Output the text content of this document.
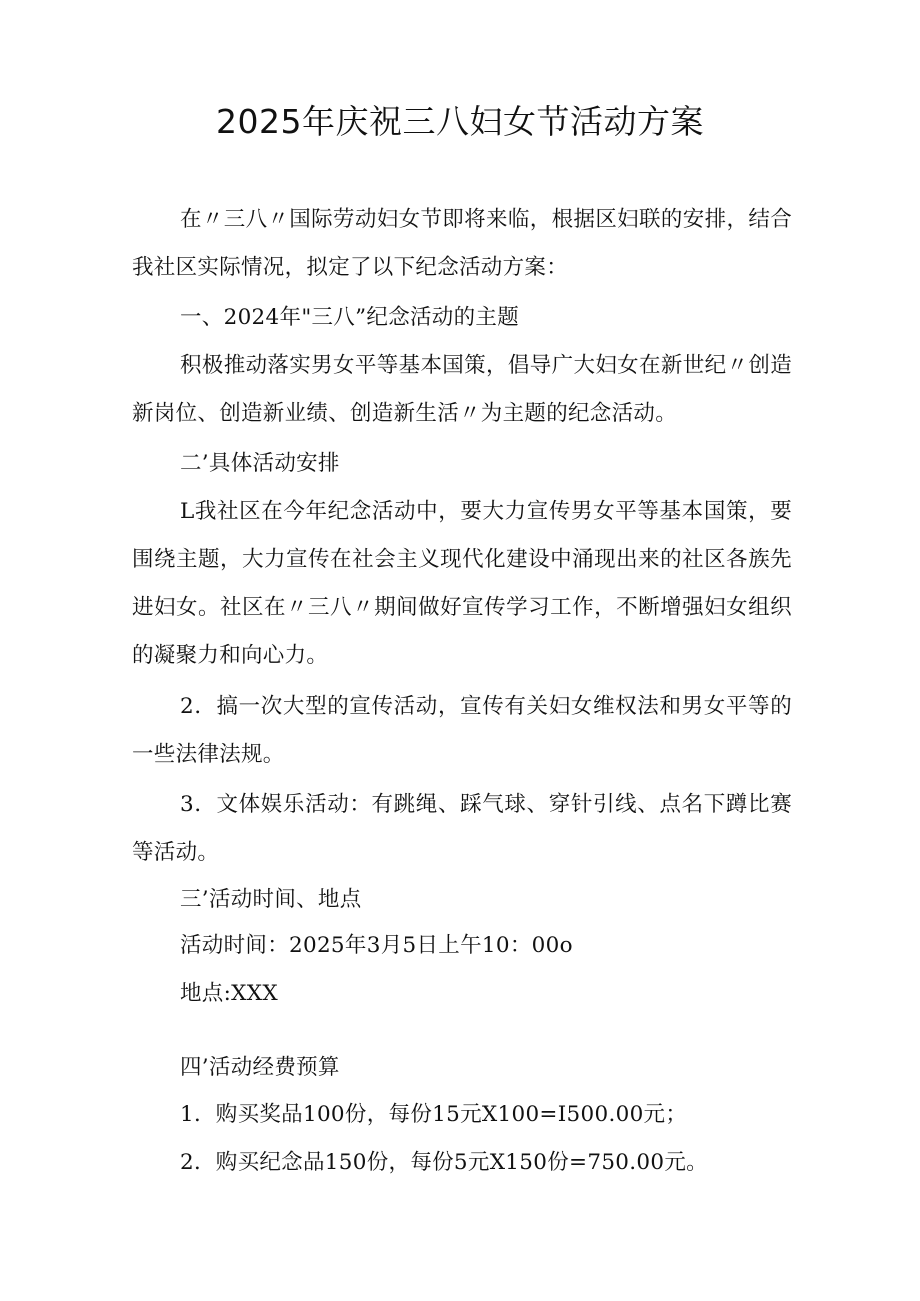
2025年庆祝三八妇女节活动方案

在〃三八〃国际劳动妇女节即将来临，根据区妇联的安排，结合我社区实际情况，拟定了以下纪念活动方案：

一、2024年"三八”纪念活动的主题

积极推动落实男女平等基本国策，倡导广大妇女在新世纪〃创造新岗位、创造新业绩、创造新生活〃为主题的纪念活动。

二’具体活动安排

L我社区在今年纪念活动中，要大力宣传男女平等基本国策，要围绕主题，大力宣传在社会主义现代化建设中涌现出来的社区各族先进妇女。社区在〃三八〃期间做好宣传学习工作，不断增强妇女组织的凝聚力和向心力。

2．搞一次大型的宣传活动，宣传有关妇女维权法和男女平等的一些法律法规。

3．文体娱乐活动：有跳绳、踩气球、穿针引线、点名下蹲比赛等活动。

三’活动时间、地点

活动时间：2025年3月5日上午10：00o

地点:XXX

四’活动经费预算

1．购买奖品100份，每份15元X100=I500.00元；

2．购买纪念品150份，每份5元X150份=750.00元。
